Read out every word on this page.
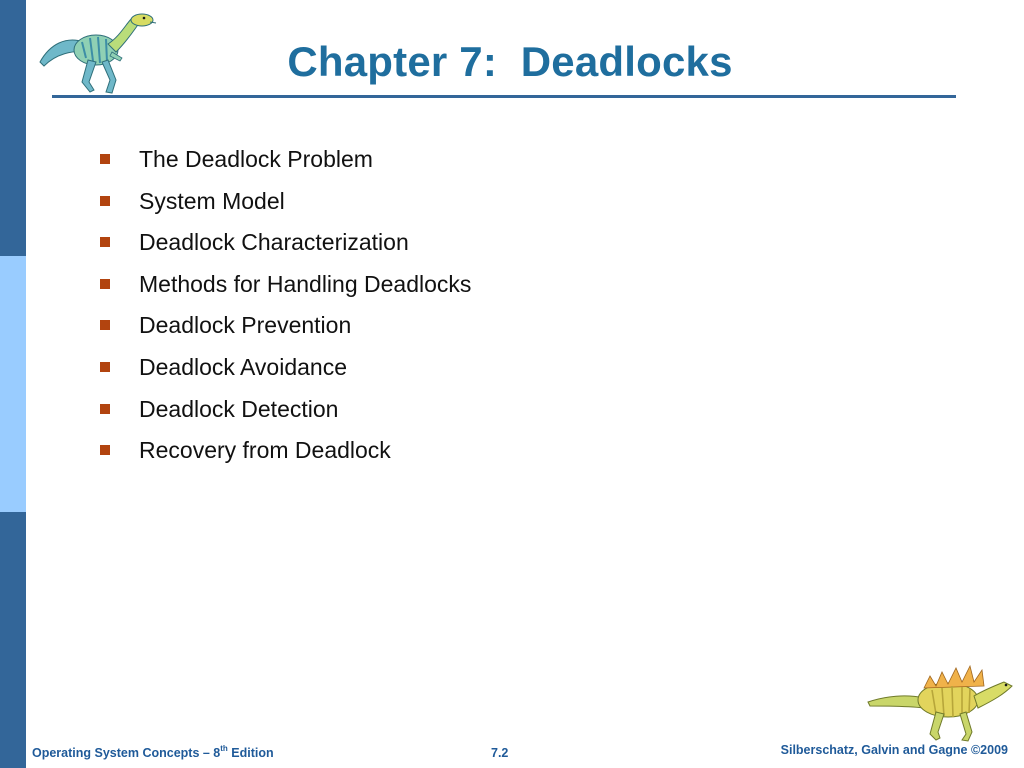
Chapter 7:  Deadlocks
The Deadlock Problem
System Model
Deadlock Characterization
Methods for Handling Deadlocks
Deadlock Prevention
Deadlock Avoidance
Deadlock Detection
Recovery from Deadlock
Operating System Concepts – 8th Edition	7.2	Silberschatz, Galvin and Gagne ©2009
